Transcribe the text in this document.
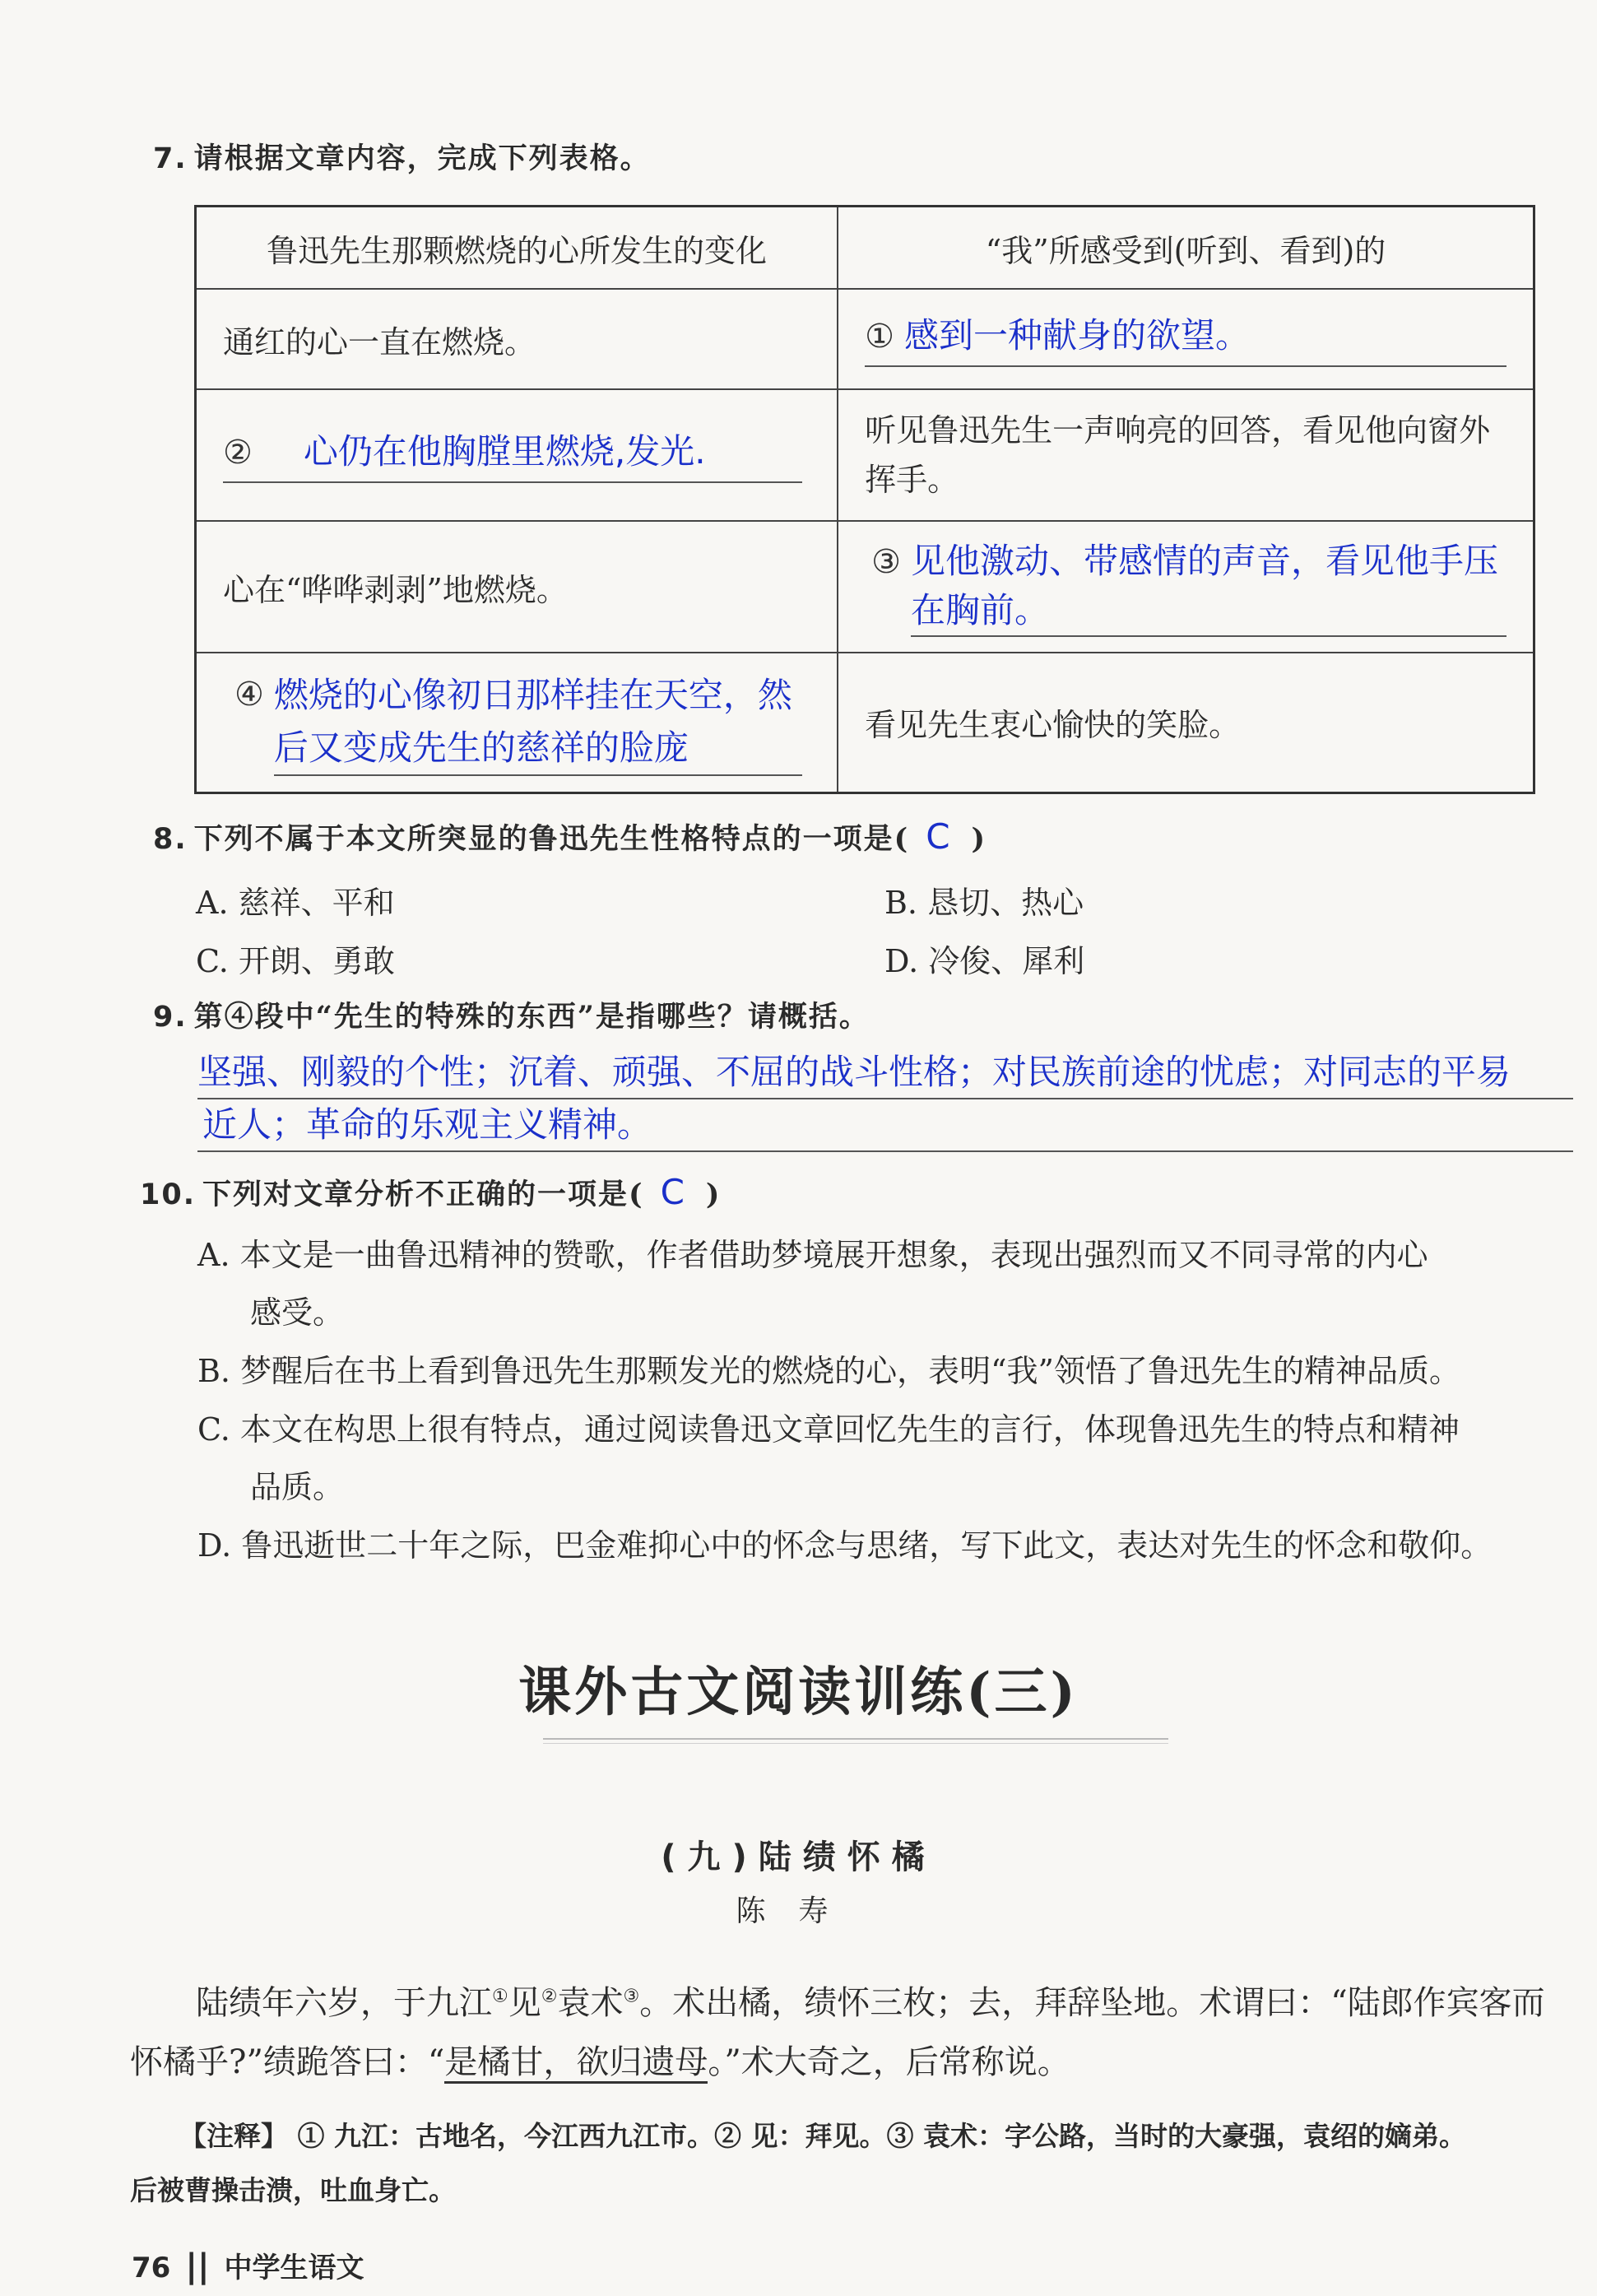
7. 请根据文章内容，完成下列表格。
鲁迅先生那颗燃烧的心所发生的变化	“我”所感受到(听到、看到)的
通红的心一直在燃烧。	① 感到一种献身的欲望。

② 心仍在他胸膛里燃烧,发光.	听见鲁迅先生一声响亮的回答，看见他向窗外挥手。
心在“哗哗剥剥”地燃烧。	③ 见他激动、带感情的声音，看见他手压在胸前。

④ 燃烧的心像初日那样挂在天空，然后又变成先生的慈祥的脸庞	看见先生衷心愉快的笑脸。
8. 下列不属于本文所突显的鲁迅先生性格特点的一项是( C )
A. 慈祥、平和	B. 恳切、热心
C. 开朗、勇敢	D. 冷俊、犀利
9. 第④段中“先生的特殊的东西”是指哪些？请概括。
坚强、刚毅的个性；沉着、顽强、不屈的战斗性格；对民族前途的忧虑；对同志的平易
近人；革命的乐观主义精神。
10. 下列对文章分析不正确的一项是( C )
A. 本文是一曲鲁迅精神的赞歌，作者借助梦境展开想象，表现出强烈而又不同寻常的内心
感受。
B. 梦醒后在书上看到鲁迅先生那颗发光的燃烧的心，表明“我”领悟了鲁迅先生的精神品质。
C. 本文在构思上很有特点，通过阅读鲁迅文章回忆先生的言行，体现鲁迅先生的特点和精神
品质。
D. 鲁迅逝世二十年之际，巴金难抑心中的怀念与思绪，写下此文，表达对先生的怀念和敬仰。
课外古文阅读训练(三)
(九)陆绩怀橘
陈寿
陆绩年六岁，于九江①见②袁术③。术出橘，绩怀三枚；去，拜辞坠地。术谓曰：“陆郎作宾客而
怀橘乎?”绩跪答曰：“是橘甘，欲归遗母。”术大奇之，后常称说。
【注释】 ① 九江：古地名，今江西九江市。② 见：拜见。③ 袁术：字公路，当时的大豪强，袁绍的嫡弟。
后被曹操击溃，吐血身亡。
76 || 中学生语文
